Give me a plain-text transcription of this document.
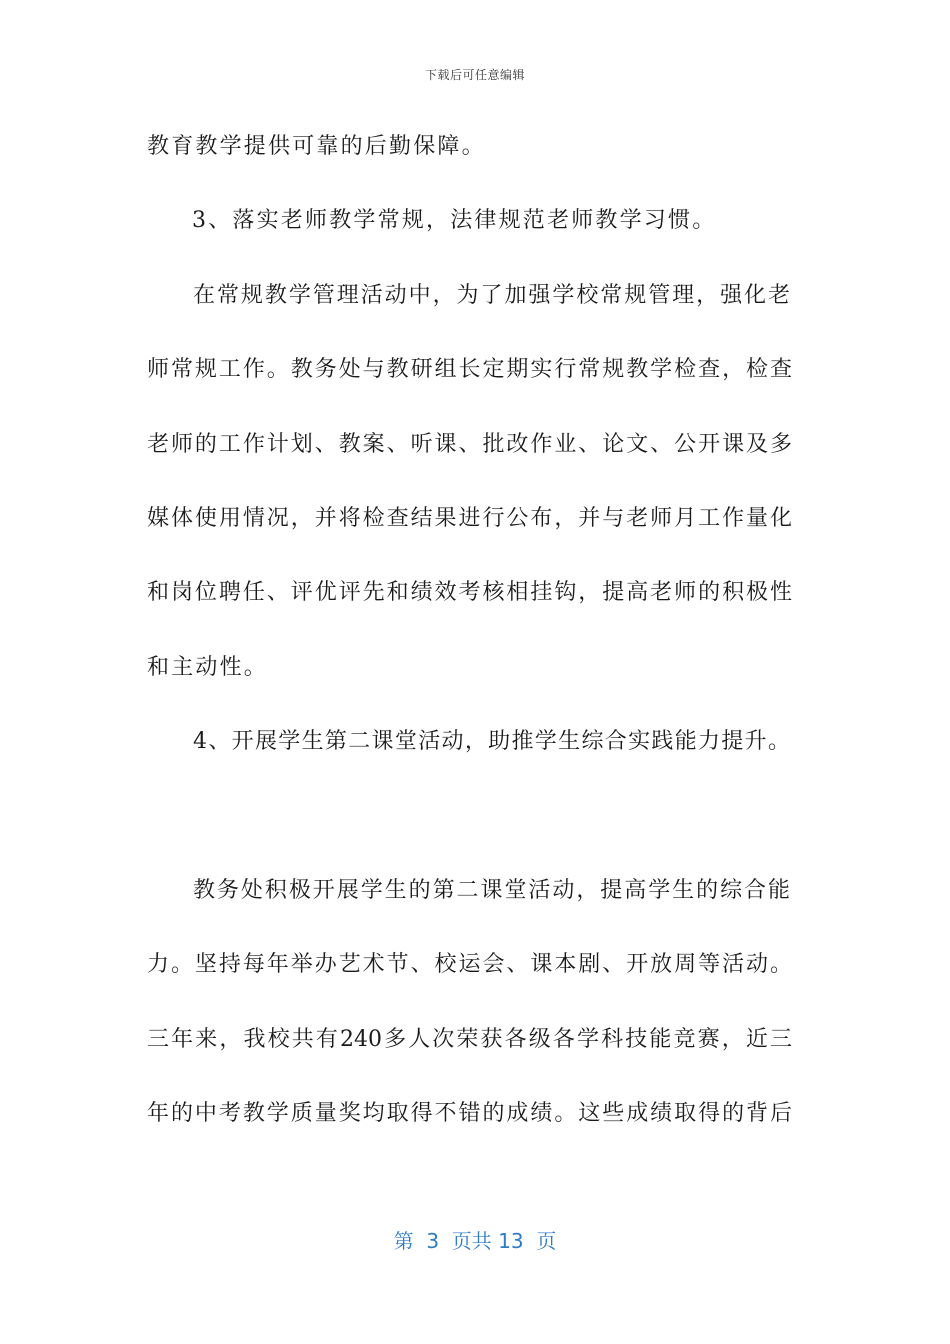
下载后可任意编辑
教育教学提供可靠的后勤保障。
3、落实老师教学常规，法律规范老师教学习惯。
在常规教学管理活动中，为了加强学校常规管理，强化老
师常规工作。教务处与教研组长定期实行常规教学检查，检查
老师的工作计划、教案、听课、批改作业、论文、公开课及多
媒体使用情况，并将检查结果进行公布，并与老师月工作量化
和岗位聘任、评优评先和绩效考核相挂钩，提高老师的积极性
和主动性。
4、开展学生第二课堂活动，助推学生综合实践能力提升。
教务处积极开展学生的第二课堂活动，提高学生的综合能
力。坚持每年举办艺术节、校运会、课本剧、开放周等活动。
三年来，我校共有240多人次荣获各级各学科技能竞赛，近三
年的中考教学质量奖均取得不错的成绩。这些成绩取得的背后
第  3  页共 13  页
